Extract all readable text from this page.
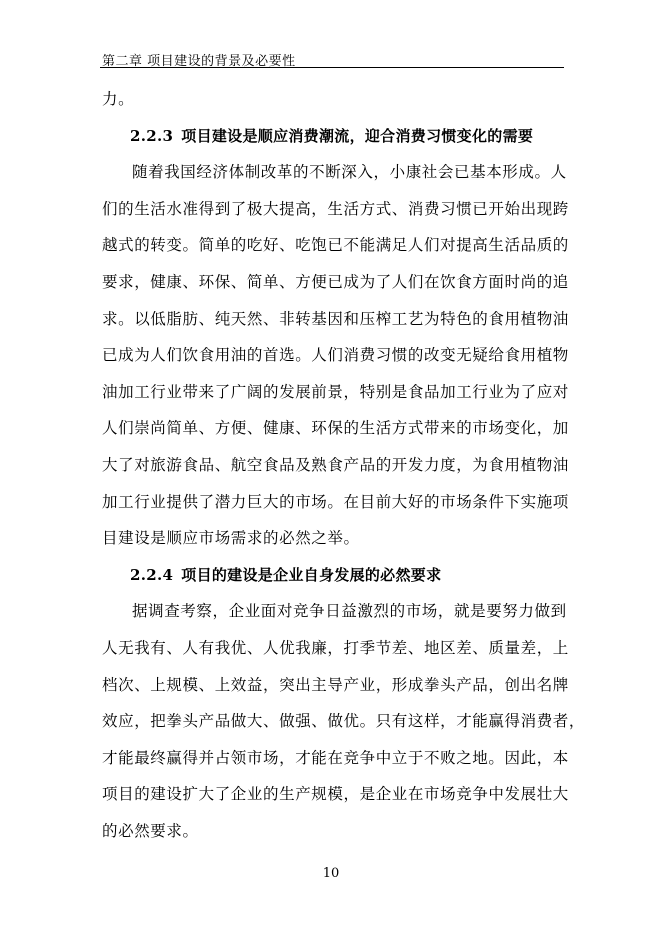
第二章 项目建设的背景及必要性
力。
2.2.3 项目建设是顺应消费潮流，迎合消费习惯变化的需要
随着我国经济体制改革的不断深入，小康社会已基本形成。人
们的生活水准得到了极大提高，生活方式、消费习惯已开始出现跨
越式的转变。简单的吃好、吃饱已不能满足人们对提高生活品质的
要求，健康、环保、简单、方便已成为了人们在饮食方面时尚的追
求。以低脂肪、纯天然、非转基因和压榨工艺为特色的食用植物油
已成为人们饮食用油的首选。人们消费习惯的改变无疑给食用植物
油加工行业带来了广阔的发展前景，特别是食品加工行业为了应对
人们崇尚简单、方便、健康、环保的生活方式带来的市场变化，加
大了对旅游食品、航空食品及熟食产品的开发力度，为食用植物油
加工行业提供了潜力巨大的市场。在目前大好的市场条件下实施项
目建设是顺应市场需求的必然之举。
2.2.4 项目的建设是企业自身发展的必然要求
据调查考察，企业面对竞争日益激烈的市场，就是要努力做到
人无我有、人有我优、人优我廉，打季节差、地区差、质量差，上
档次、上规模、上效益，突出主导产业，形成拳头产品，创出名牌
效应，把拳头产品做大、做强、做优。只有这样，才能赢得消费者，
才能最终赢得并占领市场，才能在竞争中立于不败之地。因此，本
项目的建设扩大了企业的生产规模，是企业在市场竞争中发展壮大
的必然要求。
10
